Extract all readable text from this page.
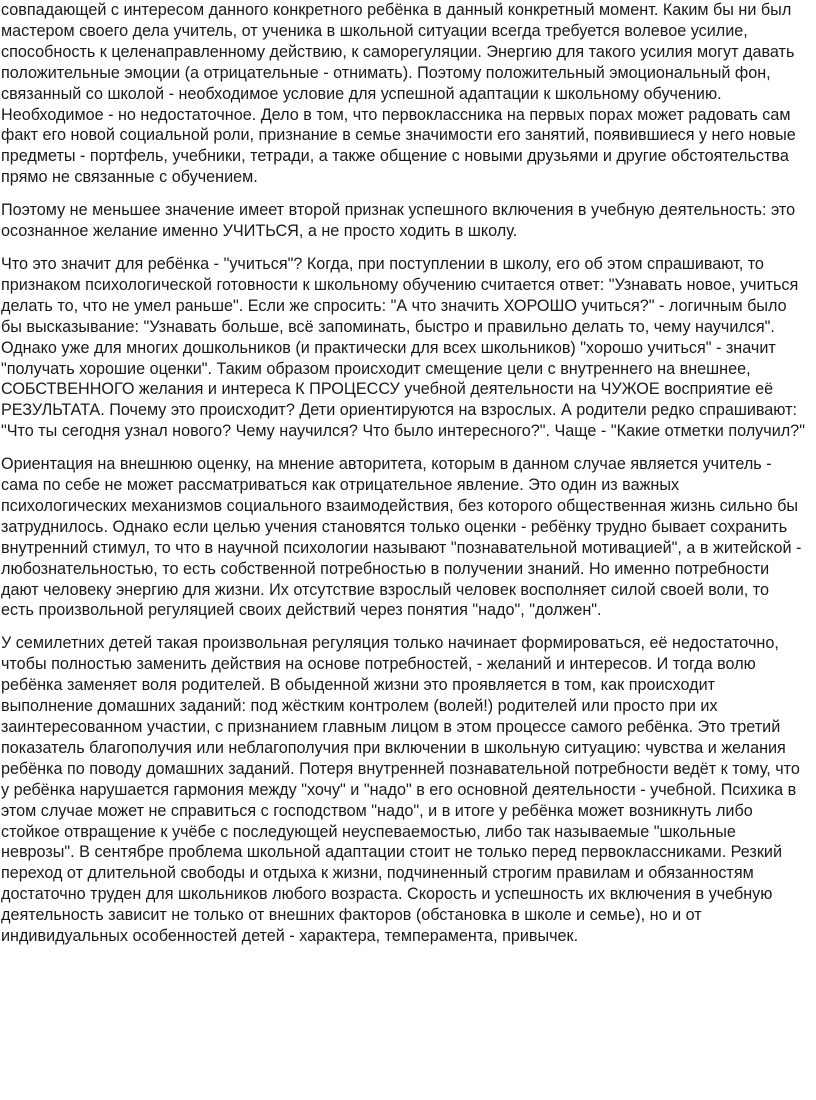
совпадающей с интересом данного конкретного ребёнка в данный конкретный момент. Каким бы ни был мастером своего дела учитель, от ученика в школьной ситуации всегда требуется волевое усилие, способность к целенаправленному действию, к саморегуляции. Энергию для такого усилия могут давать положительные эмоции (а отрицательные - отнимать). Поэтому положительный эмоциональный фон, связанный со школой - необходимое условие для успешной адаптации к школьному обучению. Необходимое - но недостаточное. Дело в том, что первоклассника на первых порах может радовать сам факт его новой социальной роли, признание в семье значимости его занятий, появившиеся у него новые предметы - портфель, учебники, тетради, а также общение с новыми друзьями и другие обстоятельства прямо не связанные с обучением.

Поэтому не меньшее значение имеет второй признак успешного включения в учебную деятельность: это осознанное желание именно УЧИТЬСЯ, а не просто ходить в школу.

Что это значит для ребёнка - "учиться"? Когда, при поступлении в школу, его об этом спрашивают, то признаком психологической готовности к школьному обучению считается ответ: "Узнавать новое, учиться делать то, что не умел раньше". Если же спросить: "А что значить ХОРОШО учиться?" - логичным было бы высказывание: "Узнавать больше, всё запоминать, быстро и правильно делать то, чему научился". Однако уже для многих дошкольников (и практически для всех школьников) "хорошо учиться" - значит "получать хорошие оценки". Таким образом происходит смещение цели с внутреннего на внешнее, СОБСТВЕННОГО желания и интереса К ПРОЦЕССУ учебной деятельности на ЧУЖОЕ восприятие её РЕЗУЛЬТАТА. Почему это происходит? Дети ориентируются на взрослых. А родители редко спрашивают: "Что ты сегодня узнал нового? Чему научился? Что было интересного?". Чаще - "Какие отметки получил?"

Ориентация на внешнюю оценку, на мнение авторитета, которым в данном случае является учитель - сама по себе не может рассматриваться как отрицательное явление. Это один из важных психологических механизмов социального взаимодействия, без которого общественная жизнь сильно бы затруднилось. Однако если целью учения становятся только оценки - ребёнку трудно бывает сохранить внутренний стимул, то что в научной психологии называют "познавательной мотивацией", а в житейской - любознательностью, то есть собственной потребностью в получении знаний. Но именно потребности дают человеку энергию для жизни. Их отсутствие взрослый человек восполняет силой своей воли, то есть произвольной регуляцией своих действий через понятия "надо", "должен".

У семилетних детей такая произвольная регуляция только начинает формироваться, её недостаточно, чтобы полностью заменить действия на основе потребностей, - желаний и интересов. И тогда волю ребёнка заменяет воля родителей. В обыденной жизни это проявляется в том, как происходит выполнение домашних заданий: под жёстким контролем (волей!) родителей или просто при их заинтересованном участии, с признанием главным лицом в этом процессе самого ребёнка. Это третий показатель благополучия или неблагополучия при включении в школьную ситуацию: чувства и желания ребёнка по поводу домашних заданий. Потеря внутренней познавательной потребности ведёт к тому, что у ребёнка нарушается гармония между "хочу" и "надо" в его основной деятельности - учебной. Психика в этом случае может не справиться с господством "надо", и в итоге у ребёнка может возникнуть либо стойкое отвращение к учёбе с последующей неуспеваемостью, либо так называемые "школьные неврозы". В сентябре проблема школьной адаптации стоит не только перед первоклассниками. Резкий переход от длительной свободы и отдыха к жизни, подчиненный строгим правилам и обязанностям достаточно труден для школьников любого возраста. Скорость и успешность их включения в учебную деятельность зависит не только от внешних факторов (обстановка в школе и семье), но и от индивидуальных особенностей детей - характера, темперамента, привычек.
